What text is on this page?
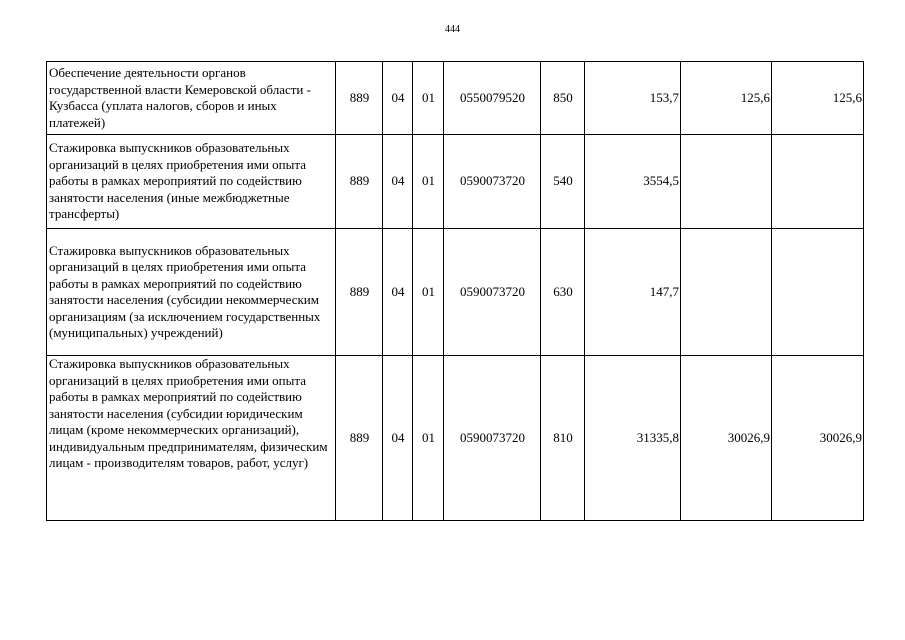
444
Обеспечение деятельности органов государственной власти Кемеровской области - Кузбасса (уплата налогов, сборов и иных платежей)	889	04	01	0550079520	850	153,7	125,6	125,6
Стажировка выпускников образовательных организаций в целях приобретения ими опыта работы в рамках мероприятий по содействию занятости населения (иные межбюджетные трансферты)	889	04	01	0590073720	540	3554,5		
Стажировка выпускников образовательных организаций в целях приобретения ими опыта работы в рамках мероприятий по содействию занятости населения (субсидии некоммерческим организациям (за исключением государственных (муниципальных) учреждений)	889	04	01	0590073720	630	147,7		
Стажировка выпускников образовательных организаций в целях приобретения ими опыта работы в рамках мероприятий по содействию занятости населения (субсидии юридическим лицам (кроме некоммерческих организаций), индивидуальным предпринимателям, физическим лицам - производителям товаров, работ, услуг)	889	04	01	0590073720	810	31335,8	30026,9	30026,9
